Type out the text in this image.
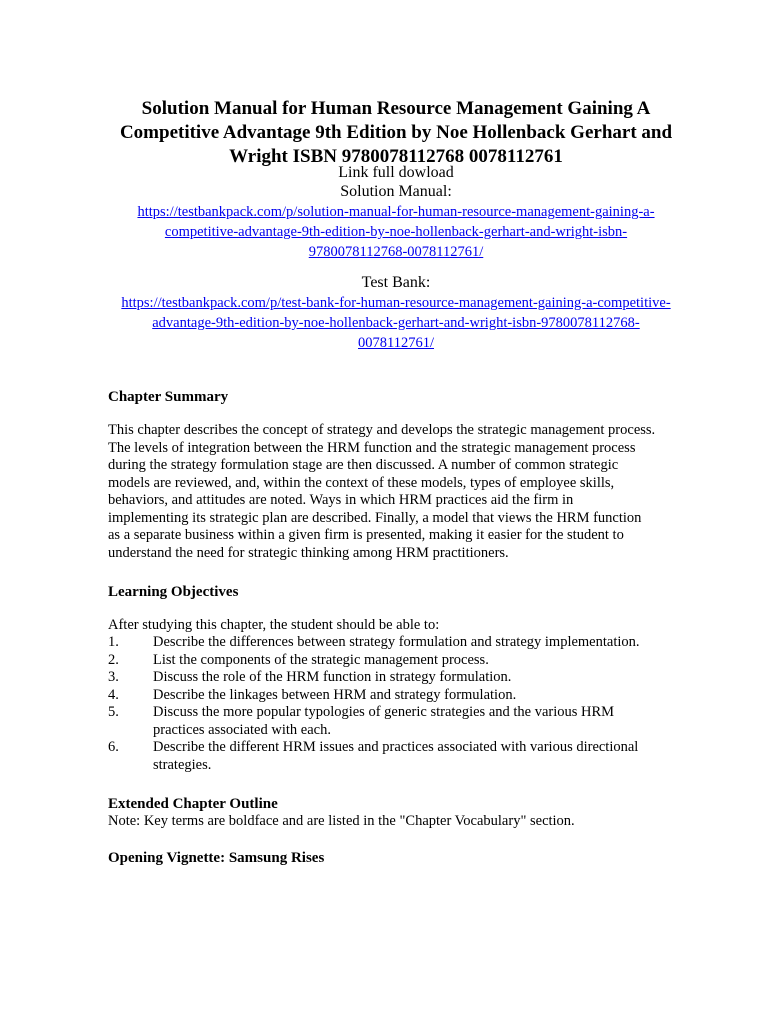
Solution Manual for Human Resource Management Gaining A
Competitive Advantage 9th Edition by Noe Hollenback Gerhart and
Wright ISBN 9780078112768 0078112761
Link full dowload
Solution Manual:
https://testbankpack.com/p/solution-manual-for-human-resource-management-gaining-a-
competitive-advantage-9th-edition-by-noe-hollenback-gerhart-and-wright-isbn-
9780078112768-0078112761/
Test Bank:
https://testbankpack.com/p/test-bank-for-human-resource-management-gaining-a-competitive-
advantage-9th-edition-by-noe-hollenback-gerhart-and-wright-isbn-9780078112768-
0078112761/
Chapter Summary
This chapter describes the concept of strategy and develops the strategic management process.
The levels of integration between the HRM function and the strategic management process
during the strategy formulation stage are then discussed. A number of common strategic
models are reviewed, and, within the context of these models, types of employee skills,
behaviors, and attitudes are noted. Ways in which HRM practices aid the firm in
implementing its strategic plan are described. Finally, a model that views the HRM function
as a separate business within a given firm is presented, making it easier for the student to
understand the need for strategic thinking among HRM practitioners.
Learning Objectives
After studying this chapter, the student should be able to:
1.	Describe the differences between strategy formulation and strategy implementation.
2.	List the components of the strategic management process.
3.	Discuss the role of the HRM function in strategy formulation.
4.	Describe the linkages between HRM and strategy formulation.
5.	Discuss the more popular typologies of generic strategies and the various HRM
practices associated with each.
6.	Describe the different HRM issues and practices associated with various directional
strategies.
Extended Chapter Outline
Note: Key terms are boldface and are listed in the "Chapter Vocabulary" section.
Opening Vignette: Samsung Rises
